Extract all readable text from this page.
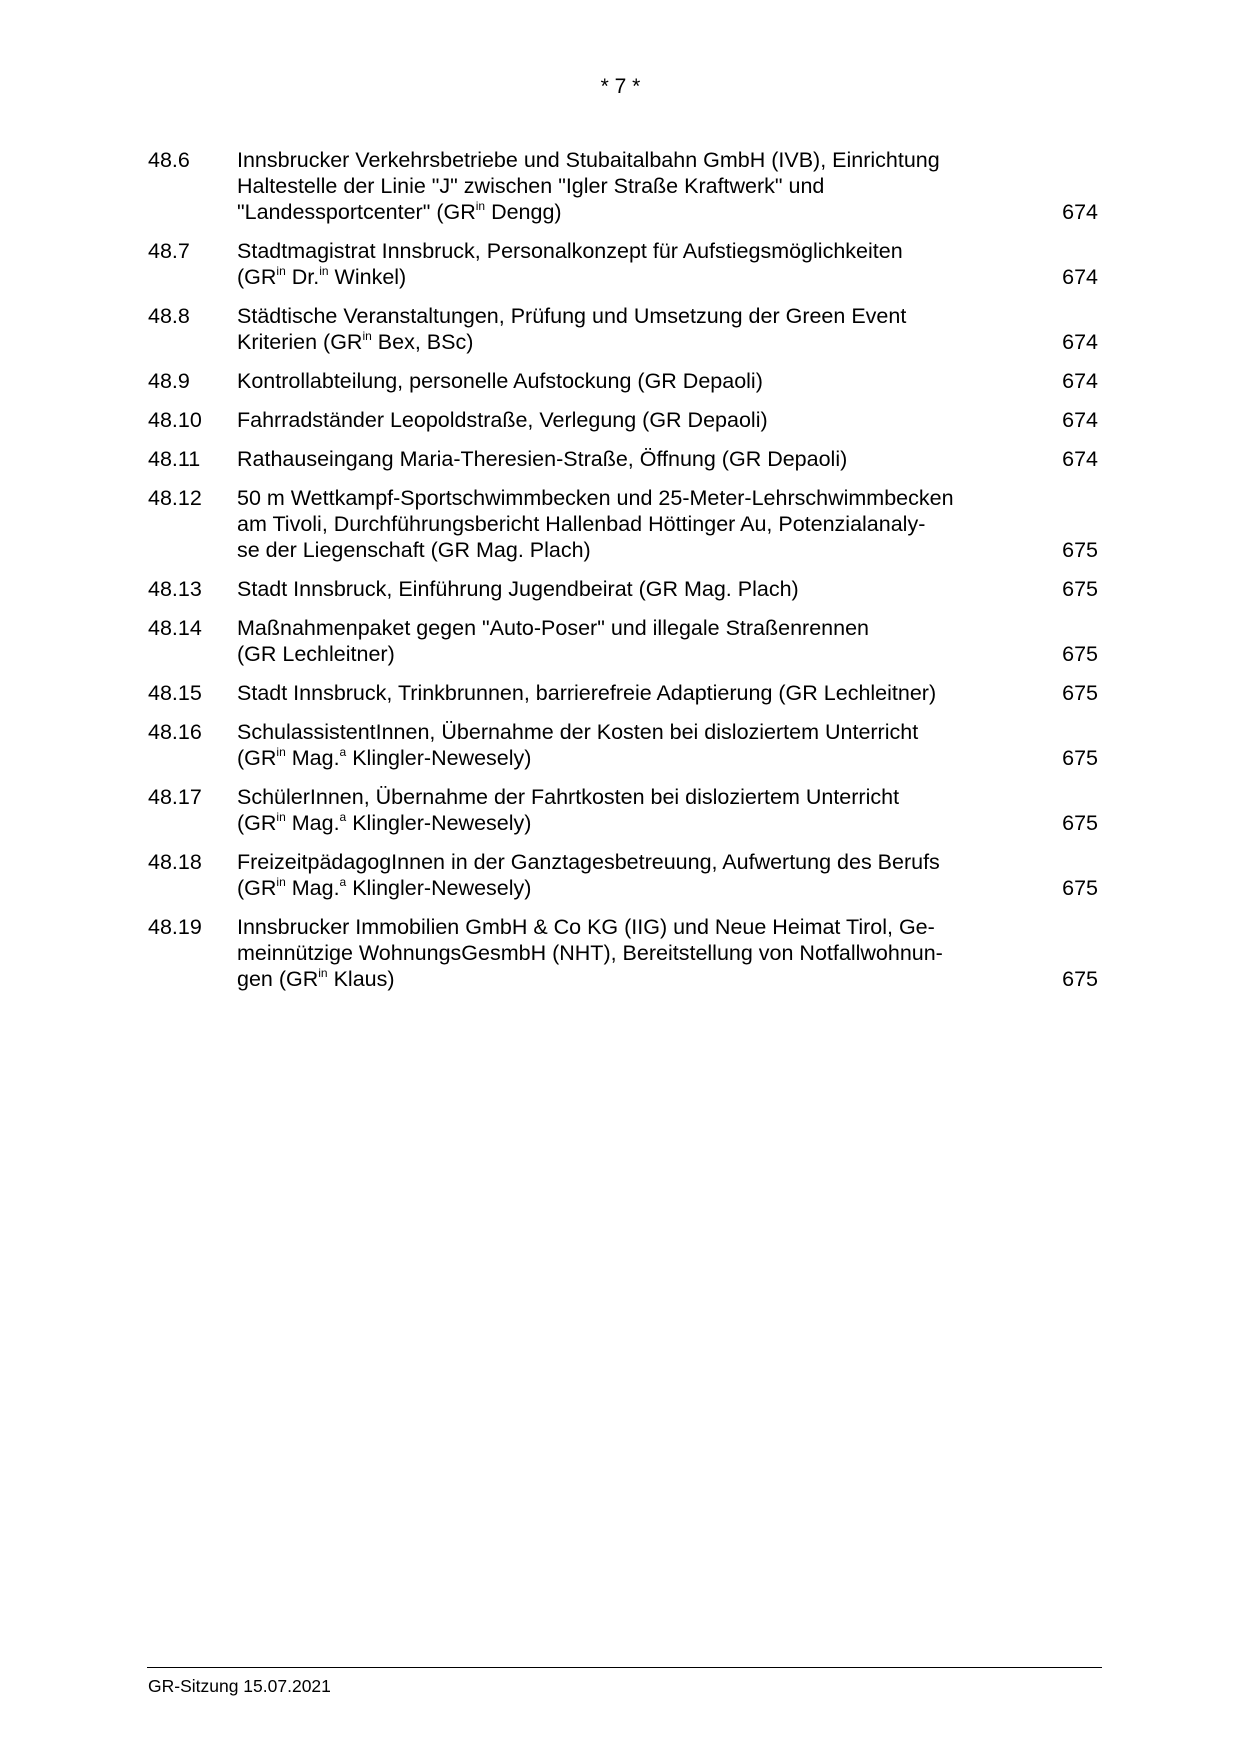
* 7 *
48.6	Innsbrucker Verkehrsbetriebe und Stubaitalbahn GmbH (IVB), Einrichtung
Haltestelle der Linie "J" zwischen "Igler Straße Kraftwerk" und
"Landessportcenter" ($GR^{in}$ Dengg)	674
48.7	Stadtmagistrat Innsbruck, Personalkonzept für Aufstiegsmöglichkeiten
($GR^{in}$ Dr.$^{in}$ Winkel)	674
48.8	Städtische Veranstaltungen, Prüfung und Umsetzung der Green Event
Kriterien ($GR^{in}$ Bex, BSc)	674
48.9	Kontrollabteilung, personelle Aufstockung (GR Depaoli)	674
48.10	Fahrradständer Leopoldstraße, Verlegung (GR Depaoli)	674
48.11	Rathauseingang Maria-Theresien-Straße, Öffnung (GR Depaoli)	674
48.12	50 m Wettkampf-Sportschwimmbecken und 25-Meter-Lehrschwimmbecken
am Tivoli, Durchführungsbericht Hallenbad Höttinger Au, Potenzialanaly-
se der Liegenschaft (GR Mag. Plach)	675
48.13	Stadt Innsbruck, Einführung Jugendbeirat (GR Mag. Plach)	675
48.14	Maßnahmenpaket gegen "Auto-Poser" und illegale Straßenrennen
(GR Lechleitner)	675
48.15	Stadt Innsbruck, Trinkbrunnen, barrierefreie Adaptierung (GR Lechleitner)	675
48.16	SchulassistentInnen, Übernahme der Kosten bei disloziertem Unterricht
($GR^{in}$ Mag.$^a$ Klingler-Newesely)	675
48.17	SchülerInnen, Übernahme der Fahrtkosten bei disloziertem Unterricht
($GR^{in}$ Mag.$^a$ Klingler-Newesely)	675
48.18	FreizeitpädagogInnen in der Ganztagesbetreuung, Aufwertung des Berufs
($GR^{in}$ Mag.$^a$ Klingler-Newesely)	675
48.19	Innsbrucker Immobilien GmbH & Co KG (IIG) und Neue Heimat Tirol, Ge-
meinnützige WohnungsGesmbH (NHT), Bereitstellung von Notfallwohnun-
gen ($GR^{in}$ Klaus)	675
GR-Sitzung 15.07.2021
